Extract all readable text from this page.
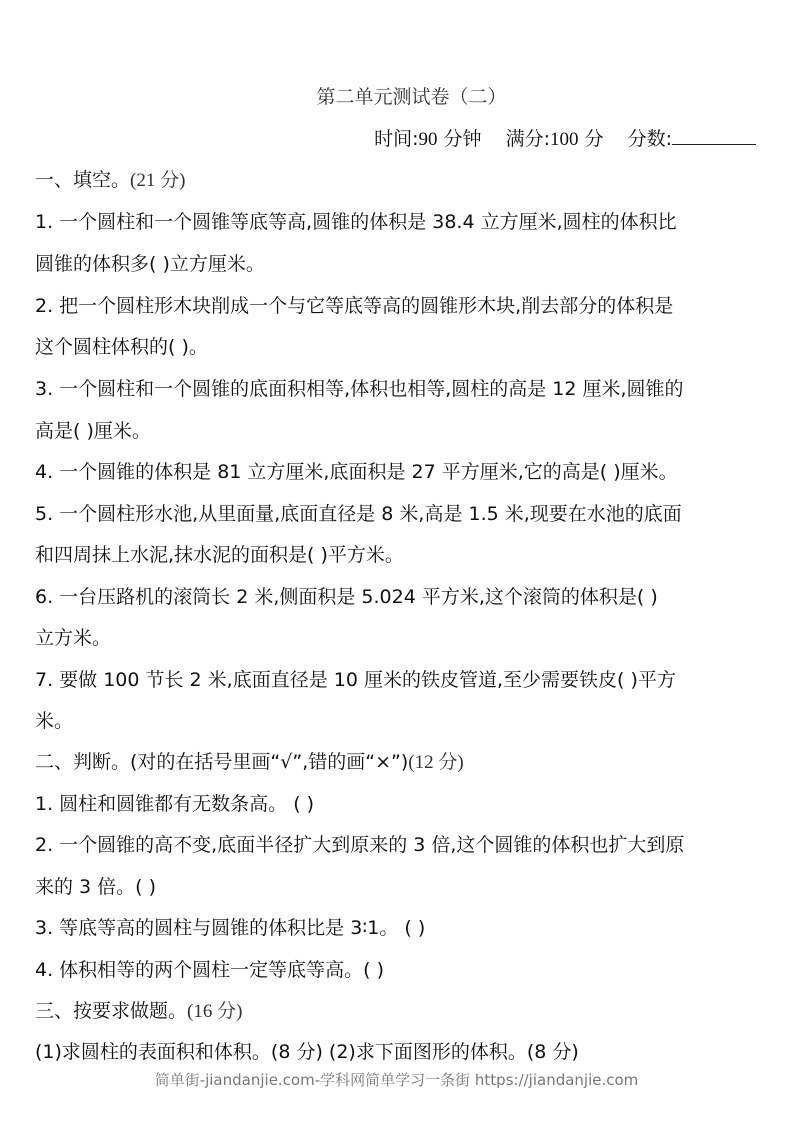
第二单元测试卷（二）
时间:90 分钟 满分:100 分 分数:
一、填空。(21 分)
1. 一个圆柱和一个圆锥等底等高,圆锥的体积是 38.4 立方厘米,圆柱的体积比
圆锥的体积多( )立方厘米。
2. 把一个圆柱形木块削成一个与它等底等高的圆锥形木块,削去部分的体积是
这个圆柱体积的( )。
3. 一个圆柱和一个圆锥的底面积相等,体积也相等,圆柱的高是 12 厘米,圆锥的
高是( )厘米。
4. 一个圆锥的体积是 81 立方厘米,底面积是 27 平方厘米,它的高是( )厘米。
5. 一个圆柱形水池,从里面量,底面直径是 8 米,高是 1.5 米,现要在水池的底面
和四周抹上水泥,抹水泥的面积是( )平方米。
6. 一台压路机的滚筒长 2 米,侧面积是 5.024 平方米,这个滚筒的体积是( )
立方米。
7. 要做 100 节长 2 米,底面直径是 10 厘米的铁皮管道,至少需要铁皮( )平方
米。
二、判断。(对的在括号里画“√”,错的画“×”)(12 分)
1. 圆柱和圆锥都有无数条高。 ( )
2. 一个圆锥的高不变,底面半径扩大到原来的 3 倍,这个圆锥的体积也扩大到原
来的 3 倍。( )
3. 等底等高的圆柱与圆锥的体积比是 3∶1。 ( )
4. 体积相等的两个圆柱一定等底等高。( )
三、按要求做题。(16 分)
(1)求圆柱的表面积和体积。(8 分) (2)求下面图形的体积。(8 分)
简单街-jiandanjie.com-学科网简单学习一条街 https://jiandanjie.com
